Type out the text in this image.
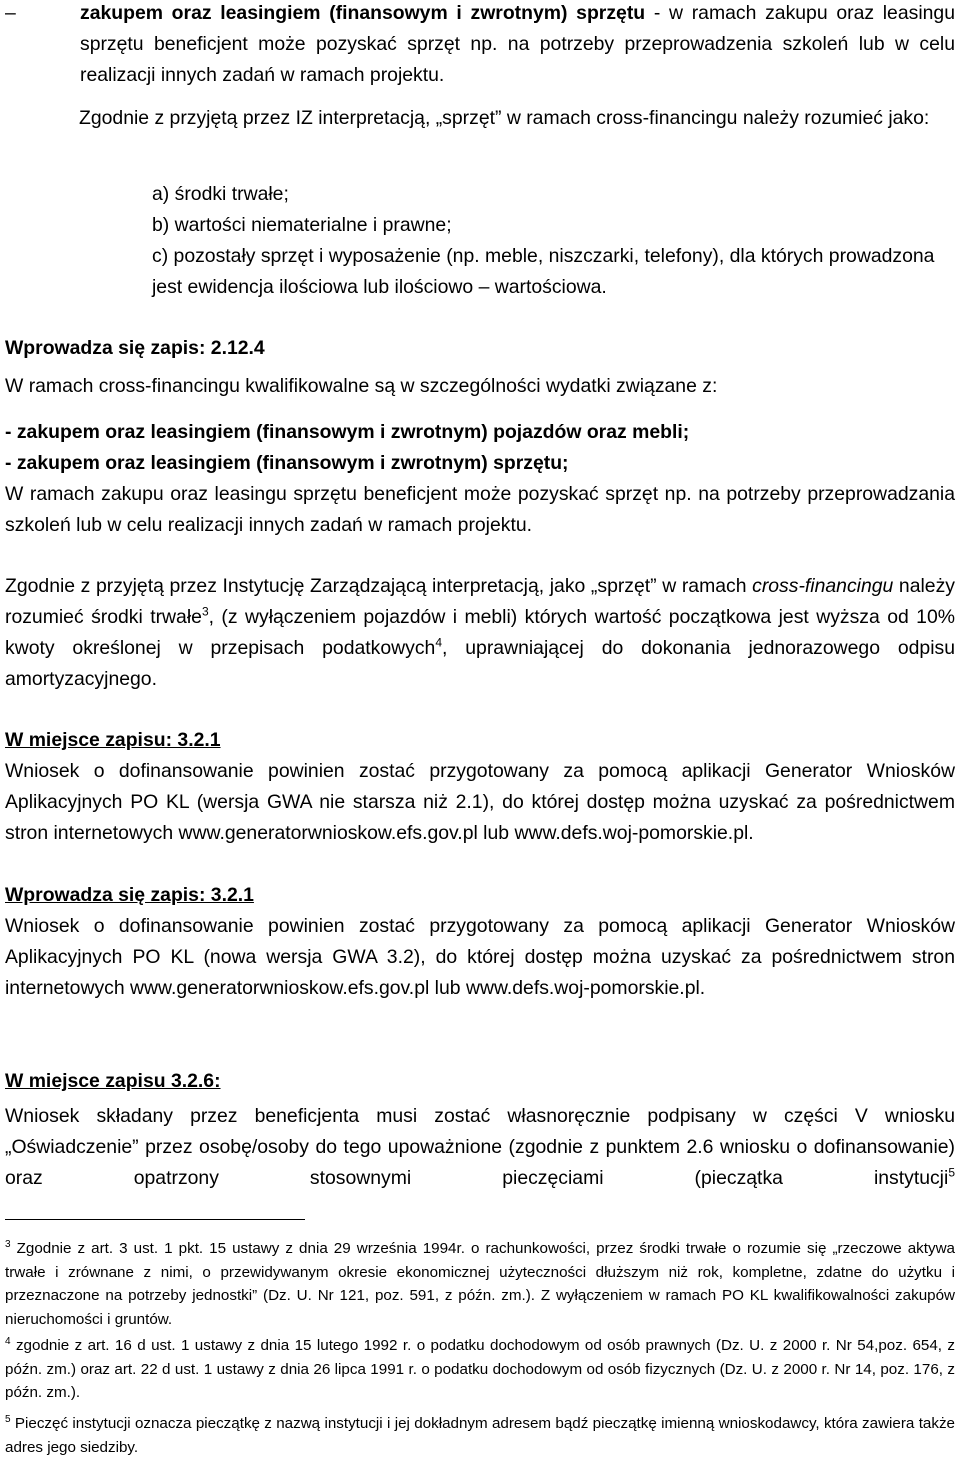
–	zakupem oraz leasingiem (finansowym i zwrotnym) sprzętu - w ramach zakupu oraz leasingu sprzętu beneficjent może pozyskać sprzęt np. na potrzeby przeprowadzenia szkoleń lub w celu realizacji innych zadań w ramach projektu.

Zgodnie z przyjętą przez IZ interpretacją, „sprzęt” w ramach cross-financingu należy rozumieć jako:

a) środki trwałe;
b) wartości niematerialne i prawne;
c) pozostały sprzęt i wyposażenie (np. meble, niszczarki, telefony), dla których prowadzona jest ewidencja ilościowa lub ilościowo – wartościowa.

Wprowadza się zapis: 2.12.4

W ramach cross-financingu kwalifikowalne są w szczególności wydatki związane z:

- zakupem oraz leasingiem (finansowym i zwrotnym) pojazdów oraz mebli;

- zakupem oraz leasingiem (finansowym i zwrotnym) sprzętu;

W ramach zakupu oraz leasingu sprzętu beneficjent może pozyskać sprzęt np. na potrzeby przeprowadzania szkoleń lub w celu realizacji innych zadań w ramach projektu.

Zgodnie z przyjętą przez Instytucję Zarządzającą interpretacją, jako „sprzęt” w ramach cross-financingu należy rozumieć środki trwałe$^3$, (z wyłączeniem pojazdów i mebli) których wartość początkowa jest wyższa od 10% kwoty określonej w przepisach podatkowych$^4$, uprawniającej do dokonania jednorazowego odpisu amortyzacyjnego.

W miejsce zapisu: 3.2.1

Wniosek o dofinansowanie powinien zostać przygotowany za pomocą aplikacji Generator Wniosków Aplikacyjnych PO KL (wersja GWA nie starsza niż 2.1), do której dostęp można uzyskać za pośrednictwem stron internetowych www.generatorwnioskow.efs.gov.pl lub www.defs.woj-pomorskie.pl.

Wprowadza się zapis: 3.2.1

Wniosek o dofinansowanie powinien zostać przygotowany za pomocą aplikacji Generator Wniosków Aplikacyjnych PO KL (nowa wersja GWA 3.2), do której dostęp można uzyskać za pośrednictwem stron internetowych www.generatorwnioskow.efs.gov.pl lub www.defs.woj-pomorskie.pl.

W miejsce zapisu 3.2.6:

Wniosek składany przez beneficjenta musi zostać własnoręcznie podpisany w części V wniosku „Oświadczenie” przez osobę/osoby do tego upoważnione (zgodnie z punktem 2.6 wniosku o dofinansowanie) oraz opatrzony stosownymi pieczęciami (pieczątka instytucji$^5$

$^3$ Zgodnie z art. 3 ust. 1 pkt. 15 ustawy z dnia 29 września 1994r. o rachunkowości, przez środki trwałe o rozumie się „rzeczowe aktywa trwałe i zrównane z nimi, o przewidywanym okresie ekonomicznej użyteczności dłuższym niż rok, kompletne, zdatne do użytku i przeznaczone na potrzeby jednostki” (Dz. U. Nr 121, poz. 591, z późn. zm.). Z wyłączeniem w ramach PO KL kwalifikowalności zakupów nieruchomości i gruntów.

$^4$ zgodnie z art. 16 d ust. 1 ustawy z dnia 15 lutego 1992 r. o podatku dochodowym od osób prawnych (Dz. U. z 2000 r. Nr 54,poz. 654, z późn. zm.) oraz art. 22 d ust. 1 ustawy z dnia 26 lipca 1991 r. o podatku dochodowym od osób fizycznych (Dz. U. z 2000 r. Nr 14, poz. 176, z późn. zm.).

$^5$ Pieczęć instytucji oznacza pieczątkę z nazwą instytucji i jej dokładnym adresem bądź pieczątkę imienną wnioskodawcy, która zawiera także adres jego siedziby.
